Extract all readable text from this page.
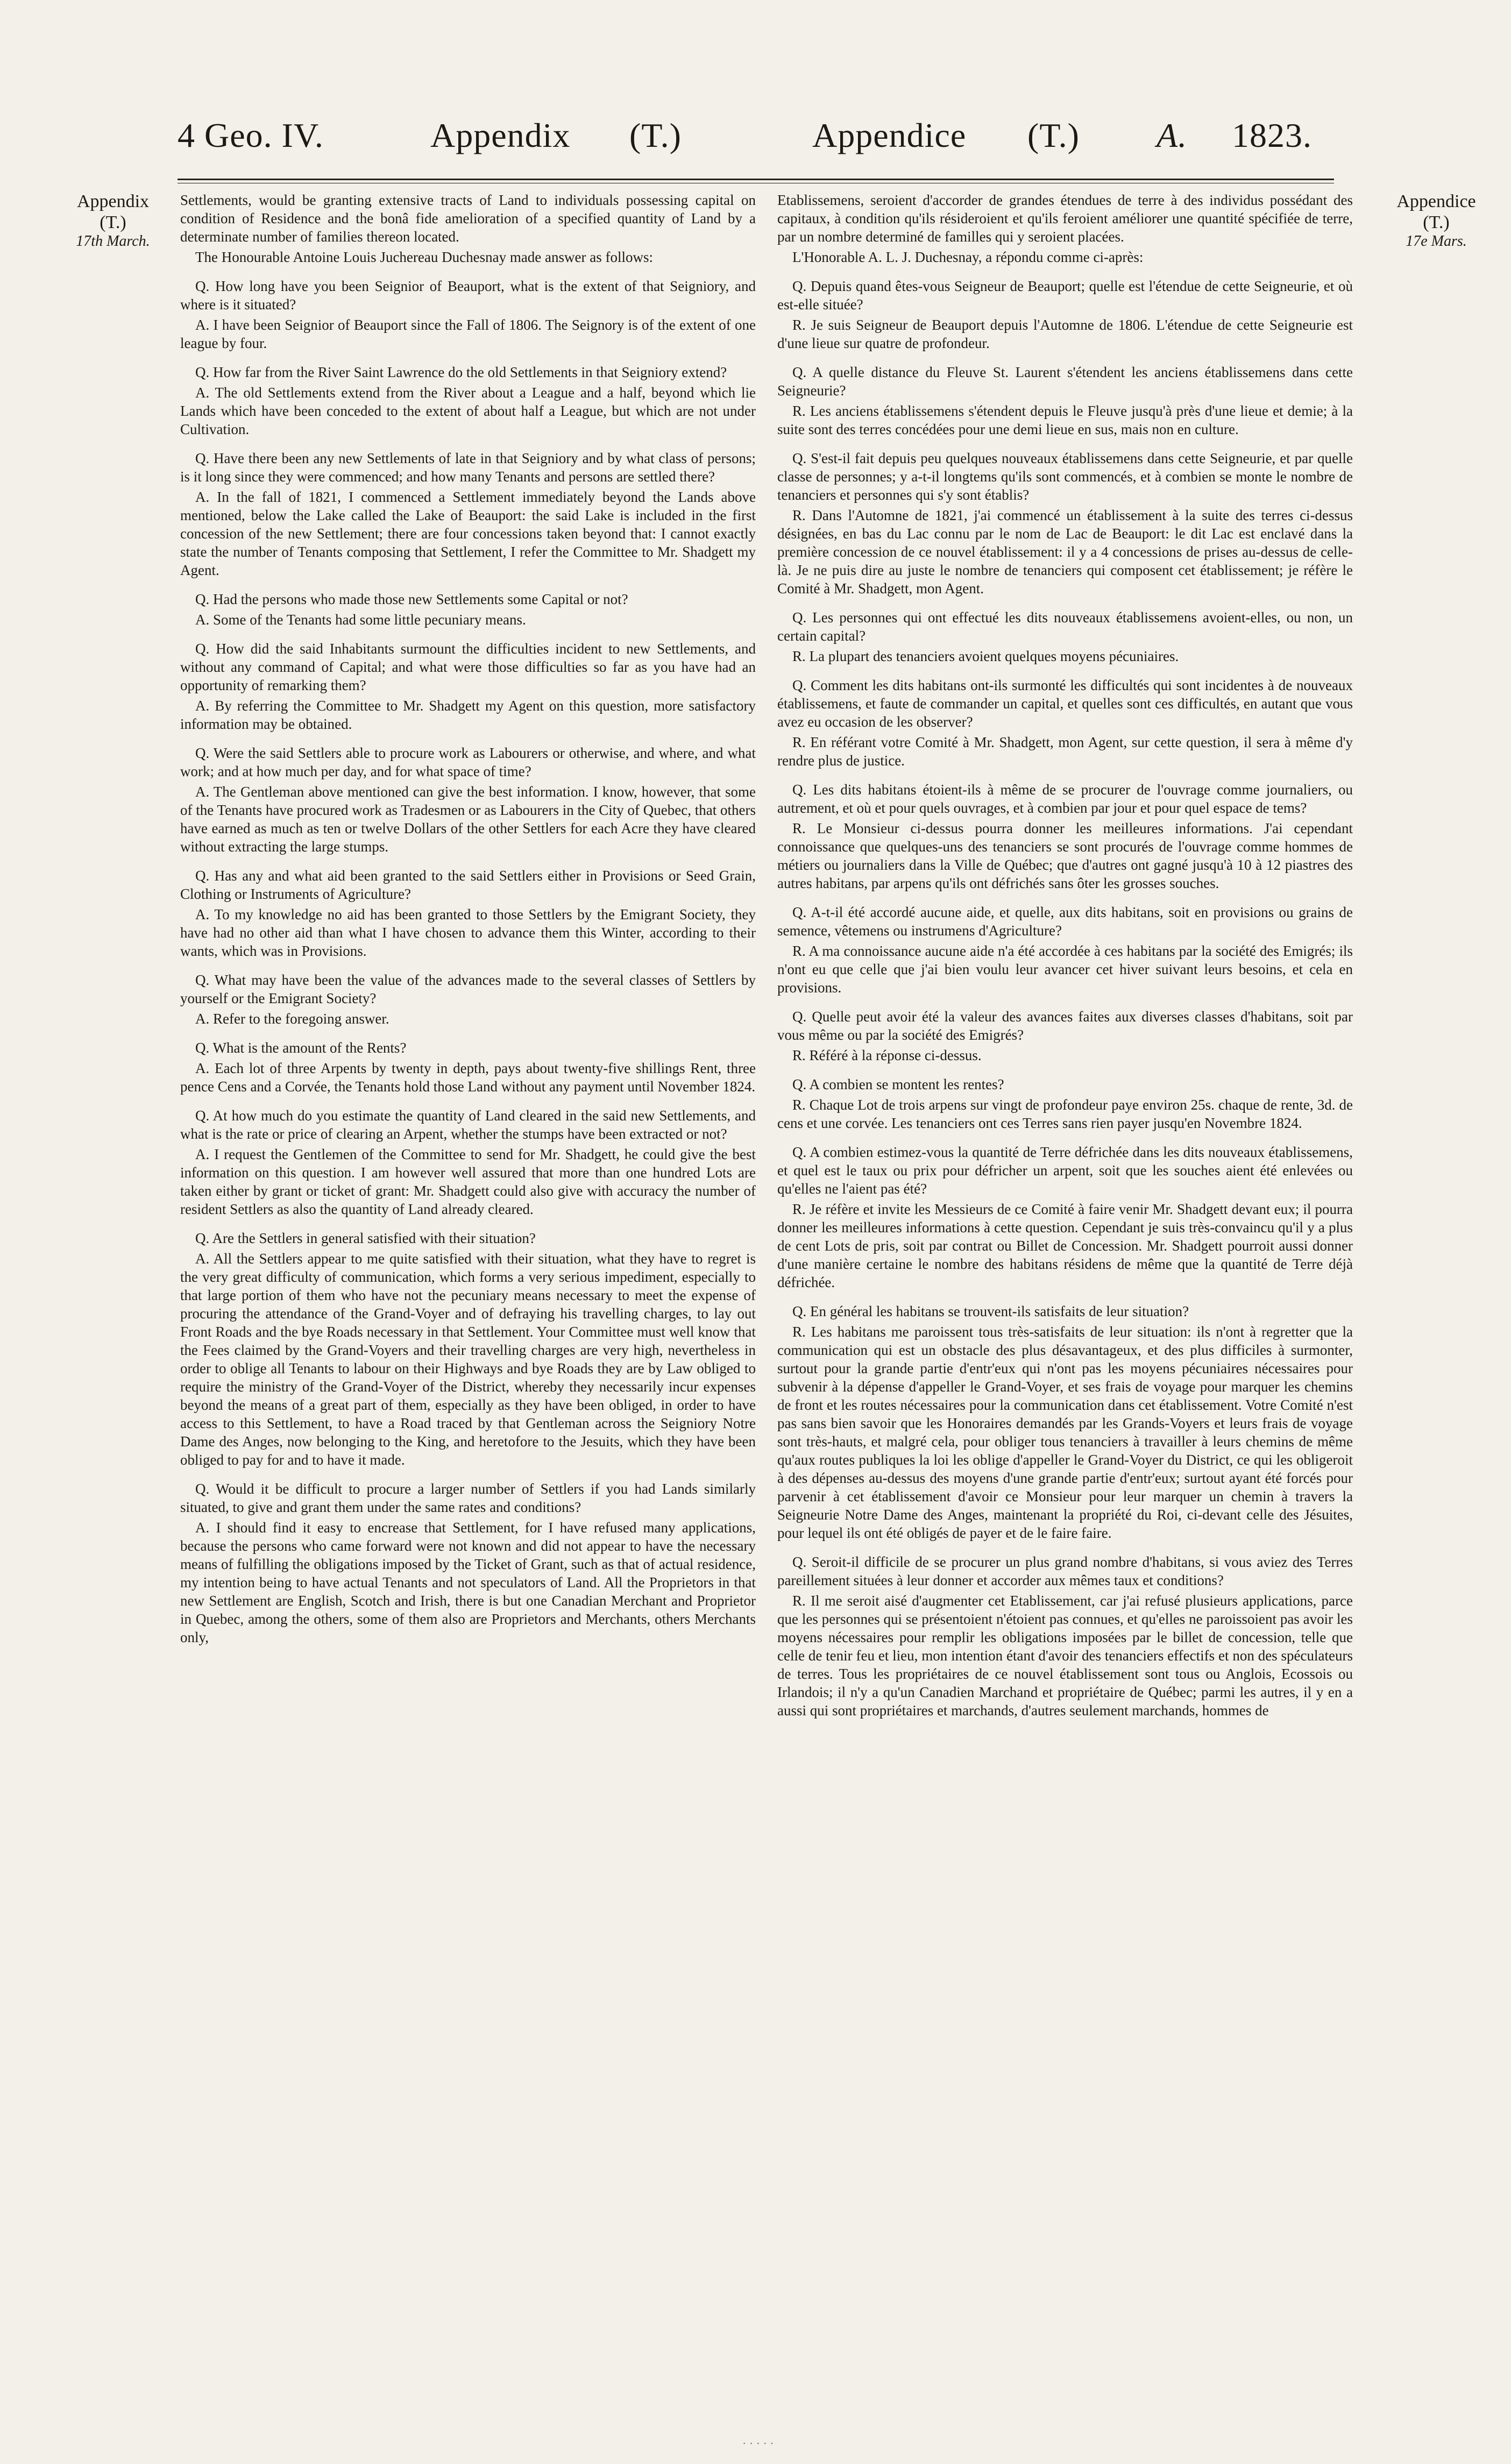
4 Geo. IV.	Appendix (T.)	Appendice (T.) A. 1823.
Appendix
(T.)
17th March.
Appendice
(T.)
17e Mars.

Settlements, would be granting extensive tracts of Land to individuals possessing capital on condition of Residence and the bonâ fide amelioration of a specified quantity of Land by a determinate number of families thereon located.

The Honourable Antoine Louis Juchereau Duchesnay made answer as follows:

Q. How long have you been Seignior of Beauport, what is the extent of that Seigniory, and where is it situated?

A. I have been Seignior of Beauport since the Fall of 1806. The Seignory is of the extent of one league by four.

Q. How far from the River Saint Lawrence do the old Settlements in that Seigniory extend?

A. The old Settlements extend from the River about a League and a half, beyond which lie Lands which have been conceded to the extent of about half a League, but which are not under Cultivation.

Q. Have there been any new Settlements of late in that Seigniory and by what class of persons; is it long since they were commenced; and how many Tenants and persons are settled there?

A. In the fall of 1821, I commenced a Settlement immediately beyond the Lands above mentioned, below the Lake called the Lake of Beauport: the said Lake is included in the first concession of the new Settlement; there are four concessions taken beyond that: I cannot exactly state the number of Tenants composing that Settlement, I refer the Committee to Mr. Shadgett my Agent.

Q. Had the persons who made those new Settlements some Capital or not?

A. Some of the Tenants had some little pecuniary means.

Q. How did the said Inhabitants surmount the difficulties incident to new Settlements, and without any command of Capital; and what were those difficulties so far as you have had an opportunity of remarking them?

A. By referring the Committee to Mr. Shadgett my Agent on this question, more satisfactory information may be obtained.

Q. Were the said Settlers able to procure work as Labourers or otherwise, and where, and what work; and at how much per day, and for what space of time?

A. The Gentleman above mentioned can give the best information. I know, however, that some of the Tenants have procured work as Tradesmen or as Labourers in the City of Quebec, that others have earned as much as ten or twelve Dollars of the other Settlers for each Acre they have cleared without extracting the large stumps.

Q. Has any and what aid been granted to the said Settlers either in Provisions or Seed Grain, Clothing or Instruments of Agriculture?

A. To my knowledge no aid has been granted to those Settlers by the Emigrant Society, they have had no other aid than what I have chosen to advance them this Winter, according to their wants, which was in Provisions.

Q. What may have been the value of the advances made to the several classes of Settlers by yourself or the Emigrant Society?

A. Refer to the foregoing answer.

Q. What is the amount of the Rents?

A. Each lot of three Arpents by twenty in depth, pays about twenty-five shillings Rent, three pence Cens and a Corvée, the Tenants hold those Land without any payment until November 1824.

Q. At how much do you estimate the quantity of Land cleared in the said new Settlements, and what is the rate or price of clearing an Arpent, whether the stumps have been extracted or not?

A. I request the Gentlemen of the Committee to send for Mr. Shadgett, he could give the best information on this question. I am however well assured that more than one hundred Lots are taken either by grant or ticket of grant: Mr. Shadgett could also give with accuracy the number of resident Settlers as also the quantity of Land already cleared.

Q. Are the Settlers in general satisfied with their situation?

A. All the Settlers appear to me quite satisfied with their situation, what they have to regret is the very great difficulty of communication, which forms a very serious impediment, especially to that large portion of them who have not the pecuniary means necessary to meet the expense of procuring the attendance of the Grand-Voyer and of defraying his travelling charges, to lay out Front Roads and the bye Roads necessary in that Settlement. Your Committee must well know that the Fees claimed by the Grand-Voyers and their travelling charges are very high, nevertheless in order to oblige all Tenants to labour on their Highways and bye Roads they are by Law obliged to require the ministry of the Grand-Voyer of the District, whereby they necessarily incur expenses beyond the means of a great part of them, especially as they have been obliged, in order to have access to this Settlement, to have a Road traced by that Gentleman across the Seigniory Notre Dame des Anges, now belonging to the King, and heretofore to the Jesuits, which they have been obliged to pay for and to have it made.

Q. Would it be difficult to procure a larger number of Settlers if you had Lands similarly situated, to give and grant them under the same rates and conditions?

A. I should find it easy to encrease that Settlement, for I have refused many applications, because the persons who came forward were not known and did not appear to have the necessary means of fulfilling the obligations imposed by the Ticket of Grant, such as that of actual residence, my intention being to have actual Tenants and not speculators of Land. All the Proprietors in that new Settlement are English, Scotch and Irish, there is but one Canadian Merchant and Proprietor in Quebec, among the others, some of them also are Proprietors and Merchants, others Merchants only,

Etablissemens, seroient d'accorder de grandes étendues de terre à des individus possédant des capitaux, à condition qu'ils résideroient et qu'ils feroient améliorer une quantité spécifiée de terre, par un nombre determiné de familles qui y seroient placées.

L'Honorable A. L. J. Duchesnay, a répondu comme ci-après:

Q. Depuis quand êtes-vous Seigneur de Beauport; quelle est l'étendue de cette Seigneurie, et où est-elle située?

R. Je suis Seigneur de Beauport depuis l'Automne de 1806. L'étendue de cette Seigneurie est d'une lieue sur quatre de profondeur.

Q. A quelle distance du Fleuve St. Laurent s'étendent les anciens établissemens dans cette Seigneurie?

R. Les anciens établissemens s'étendent depuis le Fleuve jusqu'à près d'une lieue et demie; à la suite sont des terres concédées pour une demi lieue en sus, mais non en culture.

Q. S'est-il fait depuis peu quelques nouveaux établissemens dans cette Seigneurie, et par quelle classe de personnes; y a-t-il longtems qu'ils sont commencés, et à combien se monte le nombre de tenanciers et personnes qui s'y sont établis?

R. Dans l'Automne de 1821, j'ai commencé un établissement à la suite des terres ci-dessus désignées, en bas du Lac connu par le nom de Lac de Beauport: le dit Lac est enclavé dans la première concession de ce nouvel établissement: il y a 4 concessions de prises au-dessus de celle-là. Je ne puis dire au juste le nombre de tenanciers qui composent cet établissement; je réfère le Comité à Mr. Shadgett, mon Agent.

Q. Les personnes qui ont effectué les dits nouveaux établissemens avoient-elles, ou non, un certain capital?

R. La plupart des tenanciers avoient quelques moyens pécuniaires.

Q. Comment les dits habitans ont-ils surmonté les difficultés qui sont incidentes à de nouveaux établissemens, et faute de commander un capital, et quelles sont ces difficultés, en autant que vous avez eu occasion de les observer?

R. En référant votre Comité à Mr. Shadgett, mon Agent, sur cette question, il sera à même d'y rendre plus de justice.

Q. Les dits habitans étoient-ils à même de se procurer de l'ouvrage comme journaliers, ou autrement, et où et pour quels ouvrages, et à combien par jour et pour quel espace de tems?

R. Le Monsieur ci-dessus pourra donner les meilleures informations. J'ai cependant connoissance que quelques-uns des tenanciers se sont procurés de l'ouvrage comme hommes de métiers ou journaliers dans la Ville de Québec; que d'autres ont gagné jusqu'à 10 à 12 piastres des autres habitans, par arpens qu'ils ont défrichés sans ôter les grosses souches.

Q. A-t-il été accordé aucune aide, et quelle, aux dits habitans, soit en provisions ou grains de semence, vêtemens ou instrumens d'Agriculture?

R. A ma connoissance aucune aide n'a été accordée à ces habitans par la société des Emigrés; ils n'ont eu que celle que j'ai bien voulu leur avancer cet hiver suivant leurs besoins, et cela en provisions.

Q. Quelle peut avoir été la valeur des avances faites aux diverses classes d'habitans, soit par vous même ou par la société des Emigrés?

R. Référé à la réponse ci-dessus.

Q. A combien se montent les rentes?

R. Chaque Lot de trois arpens sur vingt de profondeur paye environ 25s. chaque de rente, 3d. de cens et une corvée. Les tenanciers ont ces Terres sans rien payer jusqu'en Novembre 1824.

Q. A combien estimez-vous la quantité de Terre défrichée dans les dits nouveaux établissemens, et quel est le taux ou prix pour défricher un arpent, soit que les souches aient été enlevées ou qu'elles ne l'aient pas été?

R. Je réfère et invite les Messieurs de ce Comité à faire venir Mr. Shadgett devant eux; il pourra donner les meilleures informations à cette question. Cependant je suis très-convaincu qu'il y a plus de cent Lots de pris, soit par contrat ou Billet de Concession. Mr. Shadgett pourroit aussi donner d'une manière certaine le nombre des habitans résidens de même que la quantité de Terre déjà défrichée.

Q. En général les habitans se trouvent-ils satisfaits de leur situation?

R. Les habitans me paroissent tous très-satisfaits de leur situation: ils n'ont à regretter que la communication qui est un obstacle des plus désavantageux, et des plus difficiles à surmonter, surtout pour la grande partie d'entr'eux qui n'ont pas les moyens pécuniaires nécessaires pour subvenir à la dépense d'appeller le Grand-Voyer, et ses frais de voyage pour marquer les chemins de front et les routes nécessaires pour la communication dans cet établissement. Votre Comité n'est pas sans bien savoir que les Honoraires demandés par les Grands-Voyers et leurs frais de voyage sont très-hauts, et malgré cela, pour obliger tous tenanciers à travailler à leurs chemins de même qu'aux routes publiques la loi les oblige d'appeller le Grand-Voyer du District, ce qui les obligeroit à des dépenses au-dessus des moyens d'une grande partie d'entr'eux; surtout ayant été forcés pour parvenir à cet établissement d'avoir ce Monsieur pour leur marquer un chemin à travers la Seigneurie Notre Dame des Anges, maintenant la propriété du Roi, ci-devant celle des Jésuites, pour lequel ils ont été obligés de payer et de le faire faire.

Q. Seroit-il difficile de se procurer un plus grand nombre d'habitans, si vous aviez des Terres pareillement situées à leur donner et accorder aux mêmes taux et conditions?

R. Il me seroit aisé d'augmenter cet Etablissement, car j'ai refusé plusieurs applications, parce que les personnes qui se présentoient n'étoient pas connues, et qu'elles ne paroissoient pas avoir les moyens nécessaires pour remplir les obligations imposées par le billet de concession, telle que celle de tenir feu et lieu, mon intention étant d'avoir des tenanciers effectifs et non des spéculateurs de terres. Tous les propriétaires de ce nouvel établissement sont tous ou Anglois, Ecossois ou Irlandois; il n'y a qu'un Canadien Marchand et propriétaire de Québec; parmi les autres, il y en a aussi qui sont propriétaires et marchands, d'autres seulement marchands, hommes de

· · · · ·
